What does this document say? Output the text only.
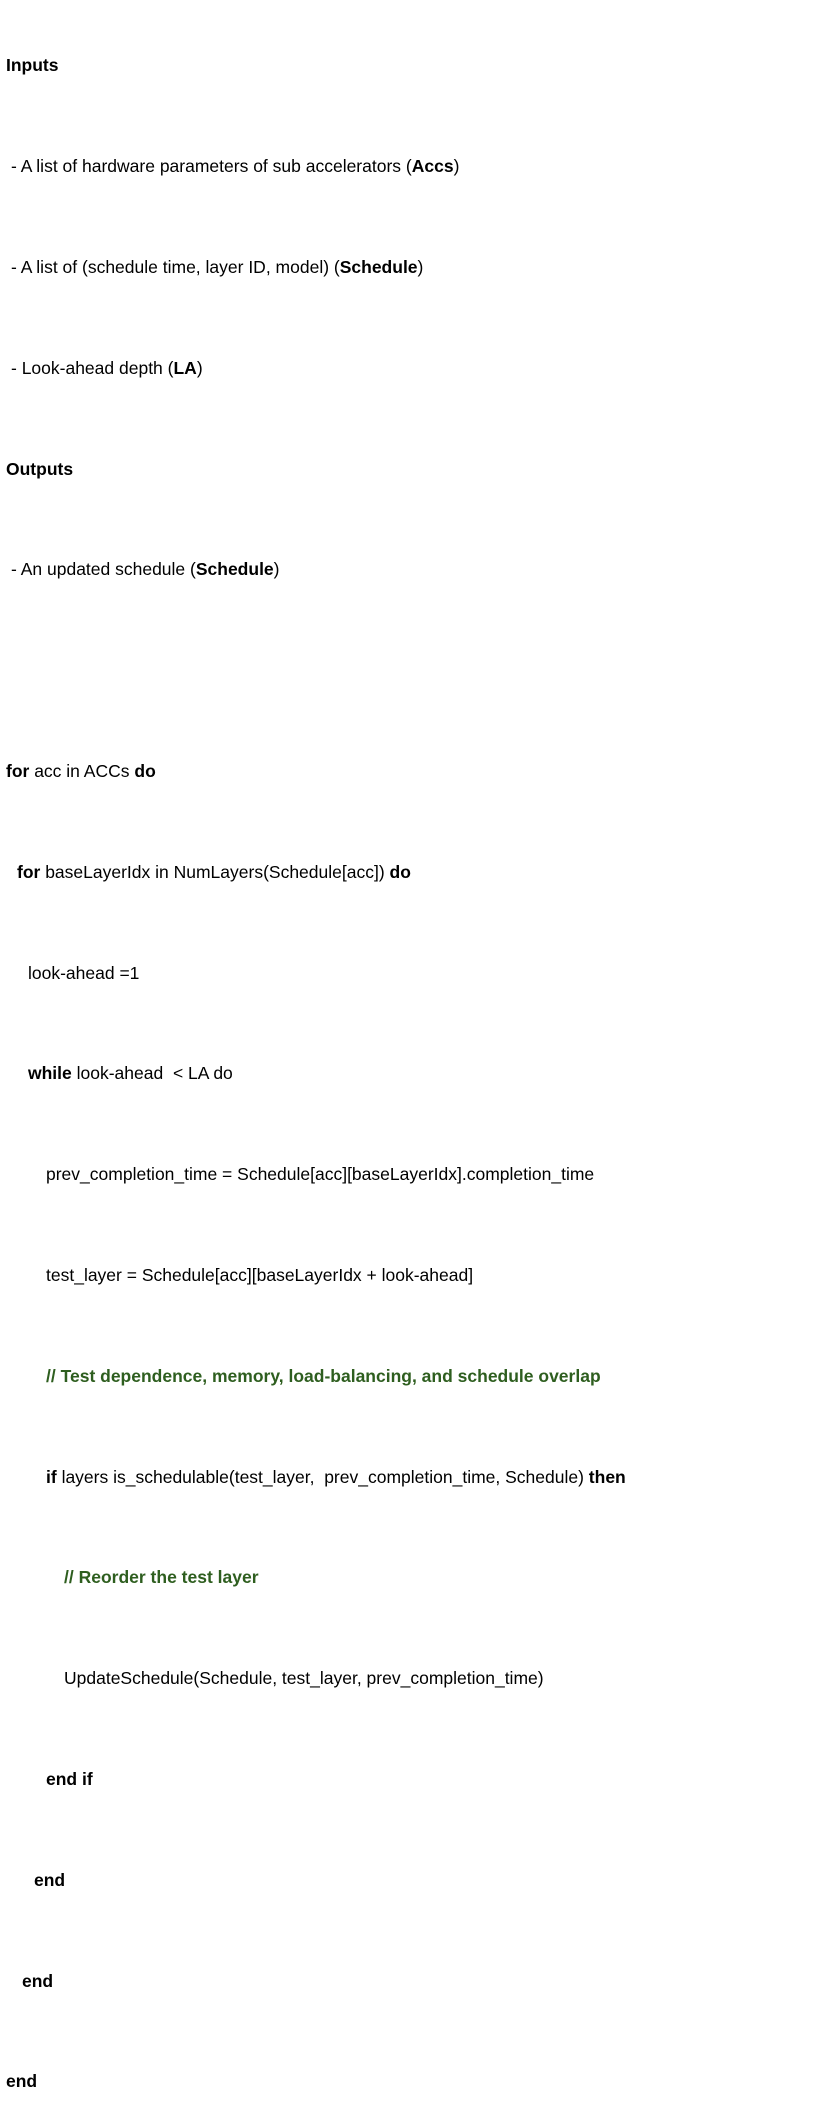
Inputs

- A list of hardware parameters of sub accelerators (Accs)

- A list of (schedule time, layer ID, model) (Schedule)

- Look-ahead depth (LA)

Outputs

- An updated schedule (Schedule)

for acc in ACCs do

for baseLayerIdx in NumLayers(Schedule[acc]) do

look-ahead =1

while look-ahead  < LA do

prev_completion_time = Schedule[acc][baseLayerIdx].completion_time

test_layer = Schedule[acc][baseLayerIdx + look-ahead]

// Test dependence, memory, load-balancing, and schedule overlap

if layers is_schedulable(test_layer,  prev_completion_time, Schedule) then

// Reorder the test layer

UpdateSchedule(Schedule, test_layer, prev_completion_time)

end if

end

end

end
